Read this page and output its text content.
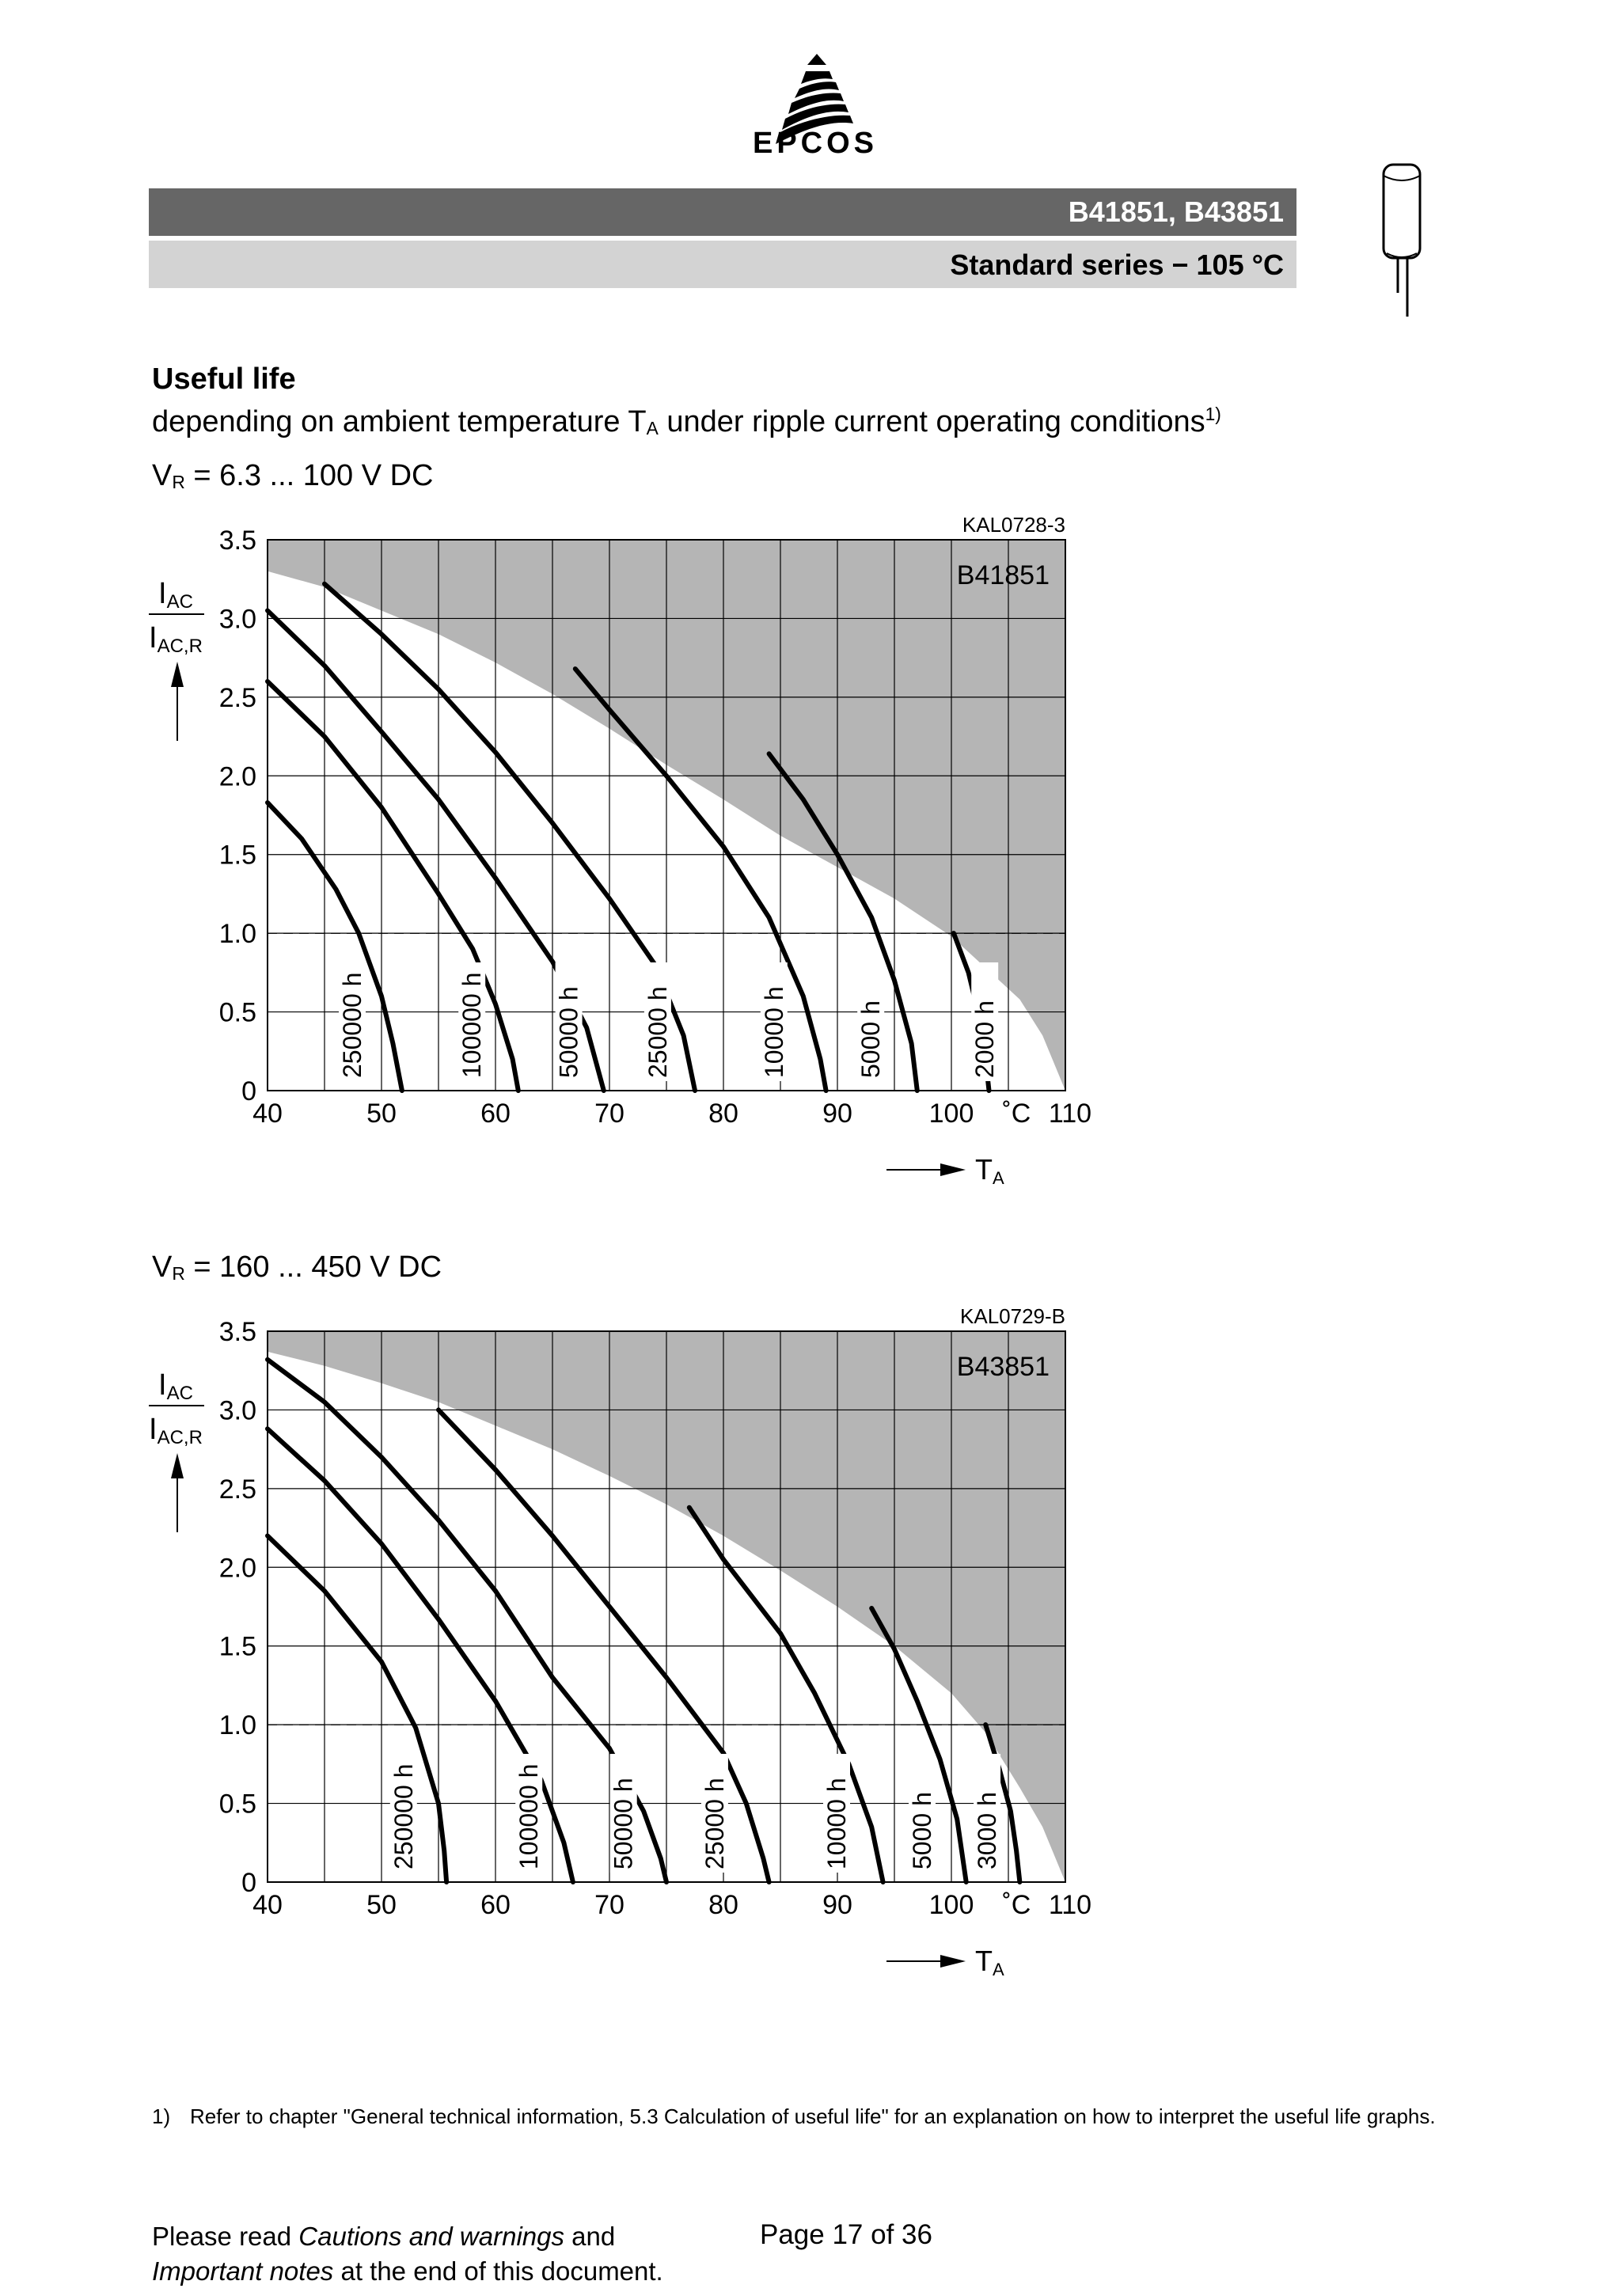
EPCOS
B41851, B43851
Standard series − 105 °C
Useful life
depending on ambient temperature $T_A$ under ripple current operating conditions$^{1)}$
$V_R = 6.3$ ... 100 V DC
250000 h	100000 h	50000 h 25000 h	10000 h	5000 h	2000 h
40	50	60	70	80	90	100	110
0
0.5
1.0
1.5
2.0
2.5
3.0
3.5
˚C
KAL0728-3
B41851
IAC
IAC,R
TA
$V_R = 160$ ... 450 V DC
250000 h	100000 h	50000 h 25000 h	10000 h 5000 h 3000 h
40	50	60	70	80	90	100	110
0
0.5
1.0
1.5
2.0
2.5
3.0
3.5
˚C
KAL0729-B
B43851
IAC
IAC,R
TA
1) Refer to chapter "General technical information, 5.3 Calculation of useful life" for an explanation on how to interpret the useful life graphs.
Please read Cautions and warnings and
Important notes at the end of this document.
Page 17 of 36
